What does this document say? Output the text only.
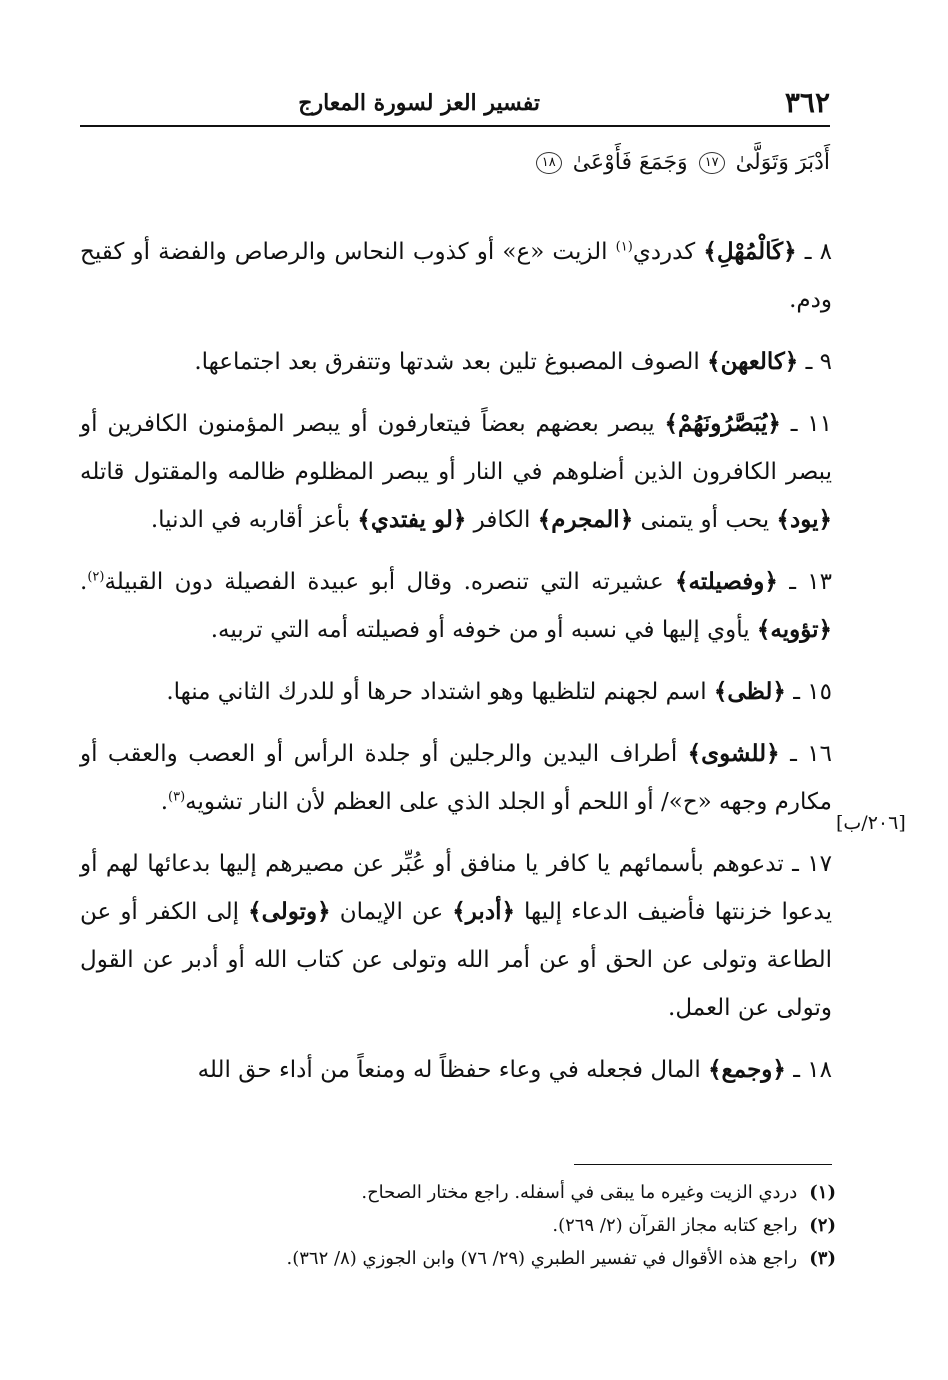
٣٦٢
تفسير العز لسورة المعارج
أَدْبَرَ وَتَوَلَّىٰ ١٧ وَجَمَعَ فَأَوْعَىٰ ١٨

٨ ـ ﴿كَالْمُهْلِ﴾ كدردي$^{(١)}$ الزيت «ع» أو كذوب النحاس والرصاص والفضة أو كقيح ودم.

٩ ـ ﴿كالعهن﴾ الصوف المصبوغ تلين بعد شدتها وتتفرق بعد اجتماعها.

١١ ـ ﴿يُبَصَّرُونَهُمْ﴾ يبصر بعضهم بعضاً فيتعارفون أو يبصر المؤمنون الكافرين أو يبصر الكافرون الذين أضلوهم في النار أو يبصر المظلوم ظالمه والمقتول قاتله ﴿يود﴾ يحب أو يتمنى ﴿المجرم﴾ الكافر ﴿لو يفتدي﴾ بأعز أقاربه في الدنيا.

١٣ ـ ﴿وفصيلته﴾ عشيرته التي تنصره. وقال أبو عبيدة الفصيلة دون القبيلة$^{(٢)}$. ﴿تؤويه﴾ يأوي إليها في نسبه أو من خوفه أو فصيلته أمه التي تربيه.

١٥ ـ ﴿لظى﴾ اسم لجهنم لتلظيها وهو اشتداد حرها أو للدرك الثاني منها.

١٦ ـ ﴿للشوى﴾ أطراف اليدين والرجلين أو جلدة الرأس أو العصب والعقب أو مكارم وجهه «ح»/ أو اللحم أو الجلد الذي على العظم لأن النار تشويه$^{(٣)}$.

١٧ ـ تدعوهم بأسمائهم يا كافر يا منافق أو عُبِّر عن مصيرهم إليها بدعائها لهم أو يدعوا خزنتها فأضيف الدعاء إليها ﴿أدبر﴾ عن الإيمان ﴿وتولى﴾ إلى الكفر أو عن الطاعة وتولى عن الحق أو عن أمر الله وتولى عن كتاب الله أو أدبر عن القول وتولى عن العمل.

١٨ ـ ﴿وجمع﴾ المال فجعله في وعاء حفظاً له ومنعاً من أداء حق الله

[٢٠٦/ب]

(١)دردي الزيت وغيره ما يبقى في أسفله. راجع مختار الصحاح.

(٢)راجع كتابه مجاز القرآن (٢/ ٢٦٩).

(٣)راجع هذه الأقوال في تفسير الطبري (٢٩/ ٧٦) وابن الجوزي (٨/ ٣٦٢).
